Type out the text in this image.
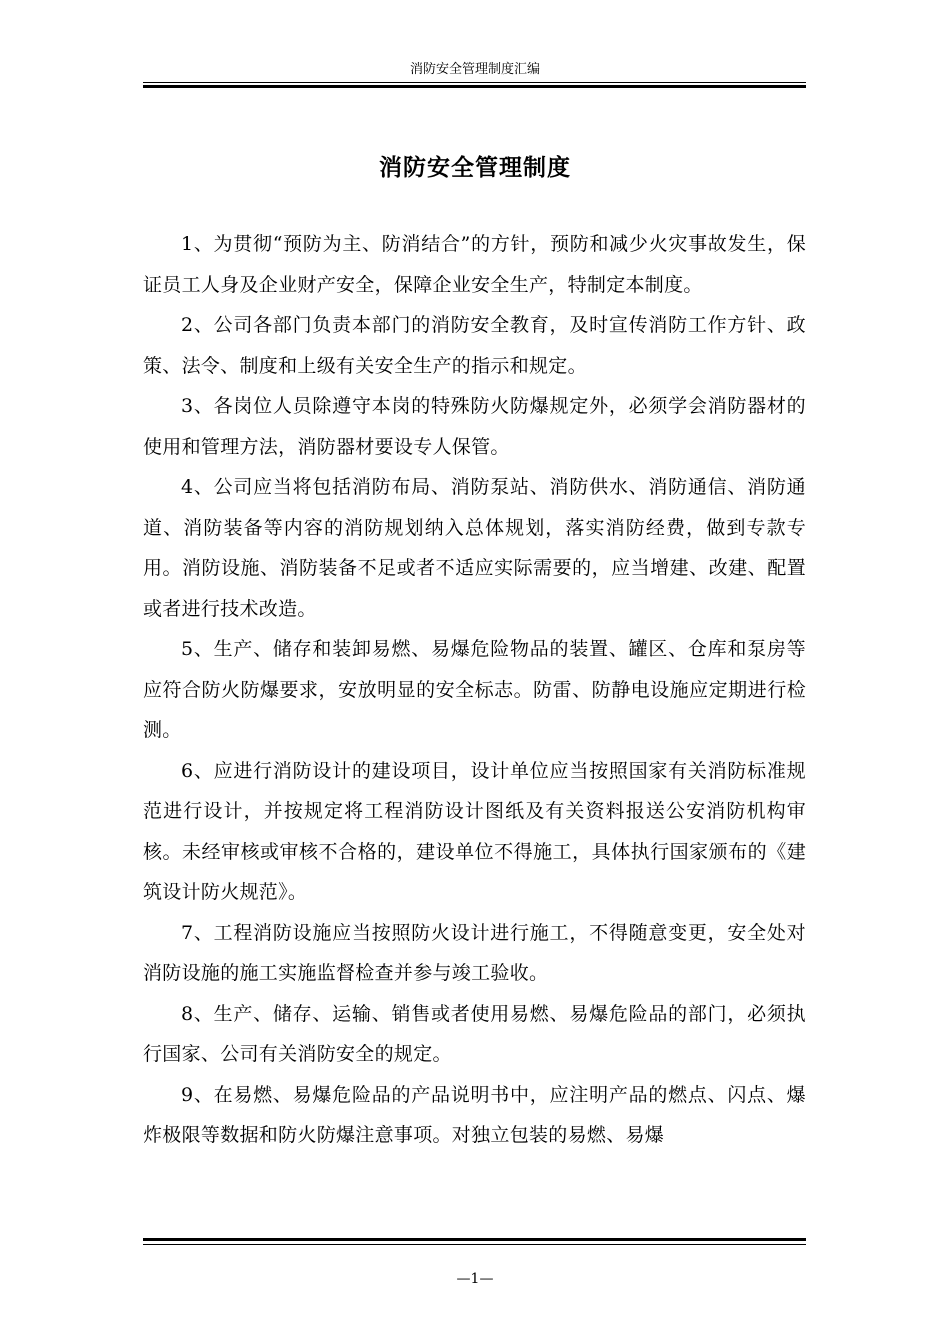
消防安全管理制度汇编
消防安全管理制度

1、为贯彻“预防为主、防消结合”的方针，预防和减少火灾事故发生，保证员工人身及企业财产安全，保障企业安全生产，特制定本制度。

2、公司各部门负责本部门的消防安全教育，及时宣传消防工作方针、政策、法令、制度和上级有关安全生产的指示和规定。

3、各岗位人员除遵守本岗的特殊防火防爆规定外，必须学会消防器材的使用和管理方法，消防器材要设专人保管。

4、公司应当将包括消防布局、消防泵站、消防供水、消防通信、消防通道、消防装备等内容的消防规划纳入总体规划，落实消防经费，做到专款专用。消防设施、消防装备不足或者不适应实际需要的，应当增建、改建、配置或者进行技术改造。

5、生产、储存和装卸易燃、易爆危险物品的装置、罐区、仓库和泵房等应符合防火防爆要求，安放明显的安全标志。防雷、防静电设施应定期进行检测。

6、应进行消防设计的建设项目，设计单位应当按照国家有关消防标准规范进行设计，并按规定将工程消防设计图纸及有关资料报送公安消防机构审核。未经审核或审核不合格的，建设单位不得施工，具体执行国家颁布的《建筑设计防火规范》。

7、工程消防设施应当按照防火设计进行施工，不得随意变更，安全处对消防设施的施工实施监督检查并参与竣工验收。

8、生产、储存、运输、销售或者使用易燃、易爆危险品的部门，必须执行国家、公司有关消防安全的规定。

9、在易燃、易爆危险品的产品说明书中，应注明产品的燃点、闪点、爆炸极限等数据和防火防爆注意事项。对独立包装的易燃、易爆

—1—
